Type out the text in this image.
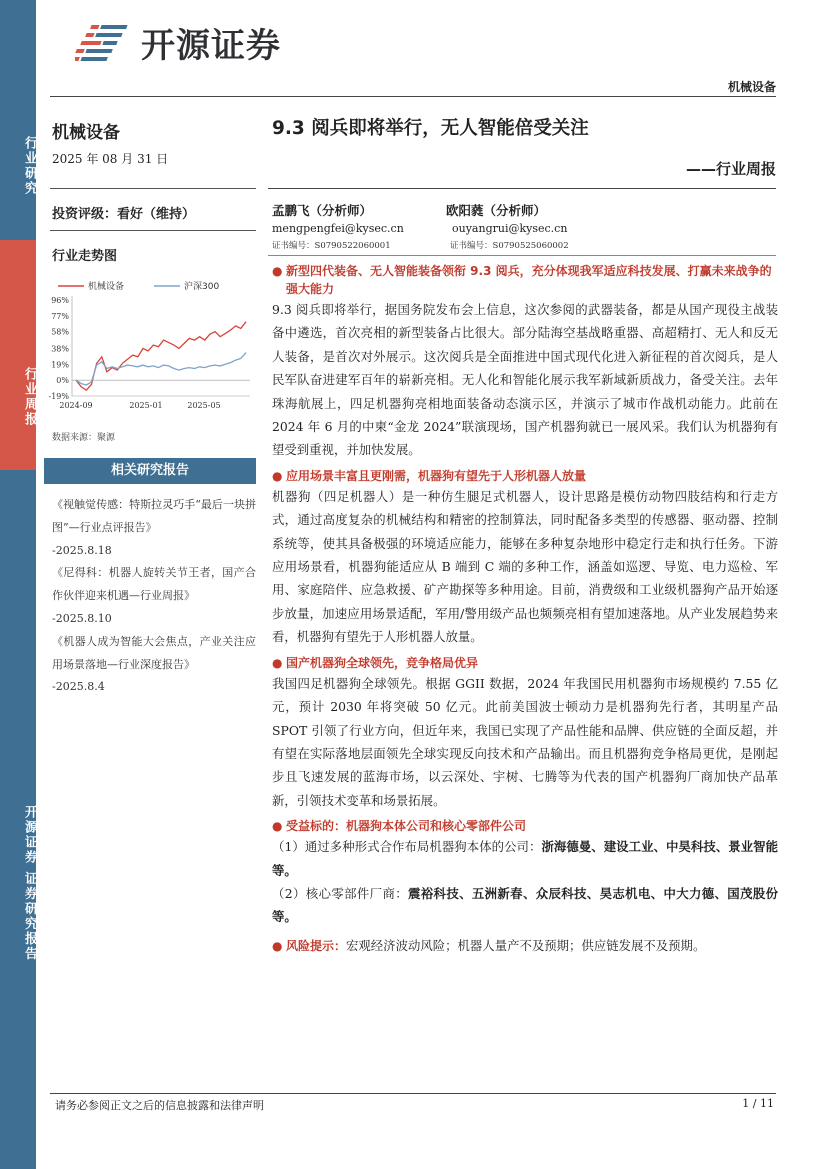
行业研究
行业周报
开源证券 证券研究报告
开源证券
机械设备
机械设备
2025 年 08 月 31 日
投资评级：看好（维持）
行业走势图
机械设备	沪深300
96%
77%
58%
38%
19%
0%
-19%
2024-09	2025-01	2025-05
数据来源：聚源
相关研究报告
《视触觉传感：特斯拉灵巧手“最后一块拼图”—行业点评报告》
-2025.8.18
《尼得科：机器人旋转关节王者，国产合作伙伴迎来机遇—行业周报》
-2025.8.10
《机器人成为智能大会焦点，产业关注应用场景落地—行业深度报告》
-2025.8.4
9.3 阅兵即将举行，无人智能倍受关注
——行业周报
孟鹏飞（分析师）
mengpengfei@kysec.cn
证书编号：S0790522060001
欧阳蕤（分析师）
ouyangrui@kysec.cn
证书编号：S0790525060002
● 新型四代装备、无人智能装备领衔 9.3 阅兵，充分体现我军适应科技发展、打赢未来战争的强大能力
9.3 阅兵即将举行，据国务院发布会上信息，这次参阅的武器装备，都是从国产现役主战装备中遴选，首次亮相的新型装备占比很大。部分陆海空基战略重器、高超精打、无人和反无人装备，是首次对外展示。这次阅兵是全面推进中国式现代化进入新征程的首次阅兵，是人民军队奋进建军百年的崭新亮相。无人化和智能化展示我军新域新质战力，备受关注。去年珠海航展上，四足机器狗亮相地面装备动态演示区，并演示了城市作战机动能力。此前在 2024 年 6 月的中柬“金龙 2024”联演现场，国产机器狗就已一展风采。我们认为机器狗有望受到重视，并加快发展。
● 应用场景丰富且更刚需，机器狗有望先于人形机器人放量
机器狗（四足机器人）是一种仿生腿足式机器人，设计思路是模仿动物四肢结构和行走方式，通过高度复杂的机械结构和精密的控制算法，同时配备多类型的传感器、驱动器、控制系统等，使其具备极强的环境适应能力，能够在多种复杂地形中稳定行走和执行任务。下游应用场景看，机器狗能适应从 B 端到 C 端的多种工作，涵盖如巡逻、导览、电力巡检、军用、家庭陪伴、应急救援、矿产勘探等多种用途。目前，消费级和工业级机器狗产品开始逐步放量，加速应用场景适配，军用/警用级产品也频频亮相有望加速落地。从产业发展趋势来看，机器狗有望先于人形机器人放量。
● 国产机器狗全球领先，竞争格局优异
我国四足机器狗全球领先。根据 GGII 数据，2024 年我国民用机器狗市场规模约 7.55 亿元，预计 2030 年将突破 50 亿元。此前美国波士顿动力是机器狗先行者，其明星产品 SPOT 引领了行业方向，但近年来，我国已实现了产品性能和品牌、供应链的全面反超，并有望在实际落地层面领先全球实现反向技术和产品输出。而且机器狗竞争格局更优，是刚起步且飞速发展的蓝海市场，以云深处、宇树、七腾等为代表的国产机器狗厂商加快产品革新，引领技术变革和场景拓展。
● 受益标的：机器狗本体公司和核心零部件公司
（1）通过多种形式合作布局机器狗本体的公司：浙海德曼、建设工业、中昊科技、景业智能等。
（2）核心零部件厂商：震裕科技、五洲新春、众辰科技、昊志机电、中大力德、国茂股份等。
● 风险提示：宏观经济波动风险；机器人量产不及预期；供应链发展不及预期。
请务必参阅正文之后的信息披露和法律声明	1 / 11
